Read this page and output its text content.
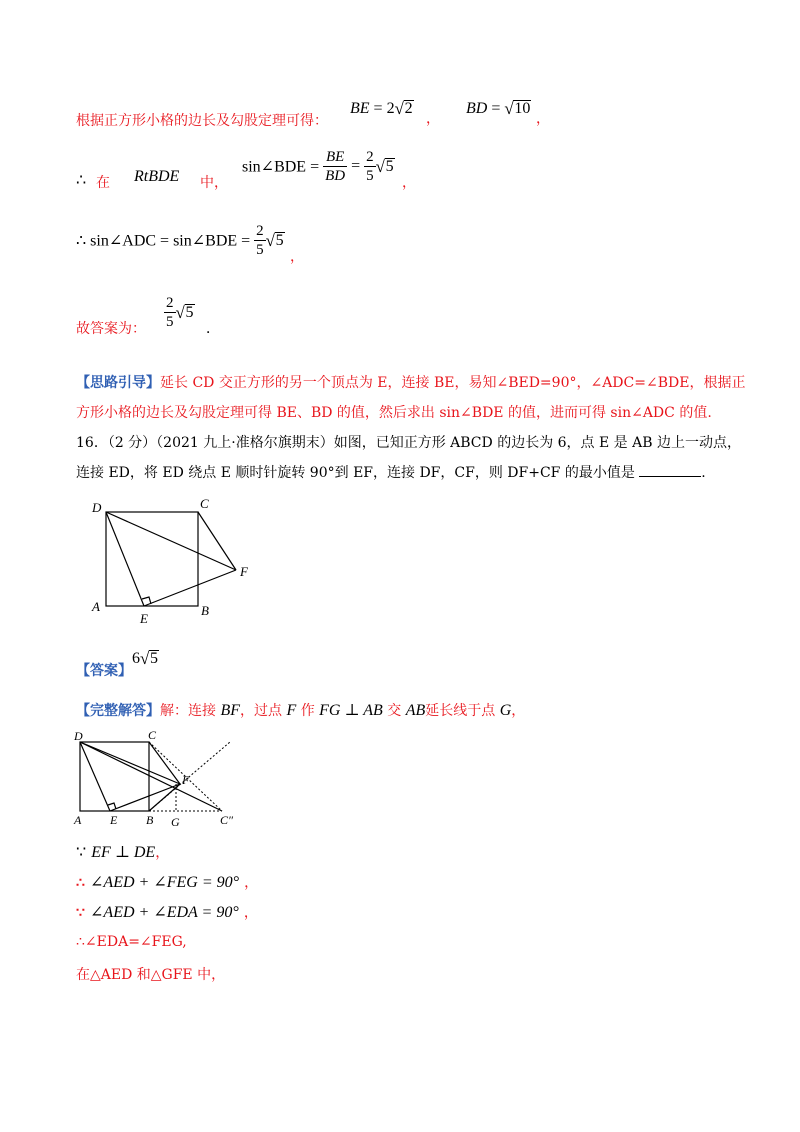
根据正方形小格的边长及勾股定理可得：
BE = 2 √ 2
，
BD = √ 10
，
∴ 在 RtBDE 中，
sin∠BDE = $\frac{BE}{BD} = \frac{2}{5}$ √ 5
，
∴ sin∠ADC = sin∠BDE = $\frac{2}{5}$ √ 5
，
故答案为： $\frac{2}{5}$ √ 5
．
【思路引导】延长 CD 交正方形的另一个顶点为 E，连接 BE，易知∠BED=90°，∠ADC=∠BDE，根据正
方形小格的边长及勾股定理可得 BE、BD 的值，然后求出 sin∠BDE 的值，进而可得 sin∠ADC 的值.
16．（2 分）（2021 九上·准格尔旗期末）如图，已知正方形 ABCD 的边长为 6，点 E 是 AB 边上一动点，
连接 ED，将 ED 绕点 E 顺时针旋转 90°到 EF，连接 DF，CF，则 DF+CF 的最小值是	.
D	C
F
A
E
B
【答案】
6 √ 5
【完整解答】解：连接 BF，过点 F 作 FG ⊥ AB 交 AB延长线于点 G，
D	C
F
A E B G	C″
∵ EF ⊥ DE，
∴ ∠AED + ∠FEG = 90° ，
∵ ∠AED + ∠EDA = 90° ，
∴∠EDA=∠FEG,
在△AED 和△GFE 中，
